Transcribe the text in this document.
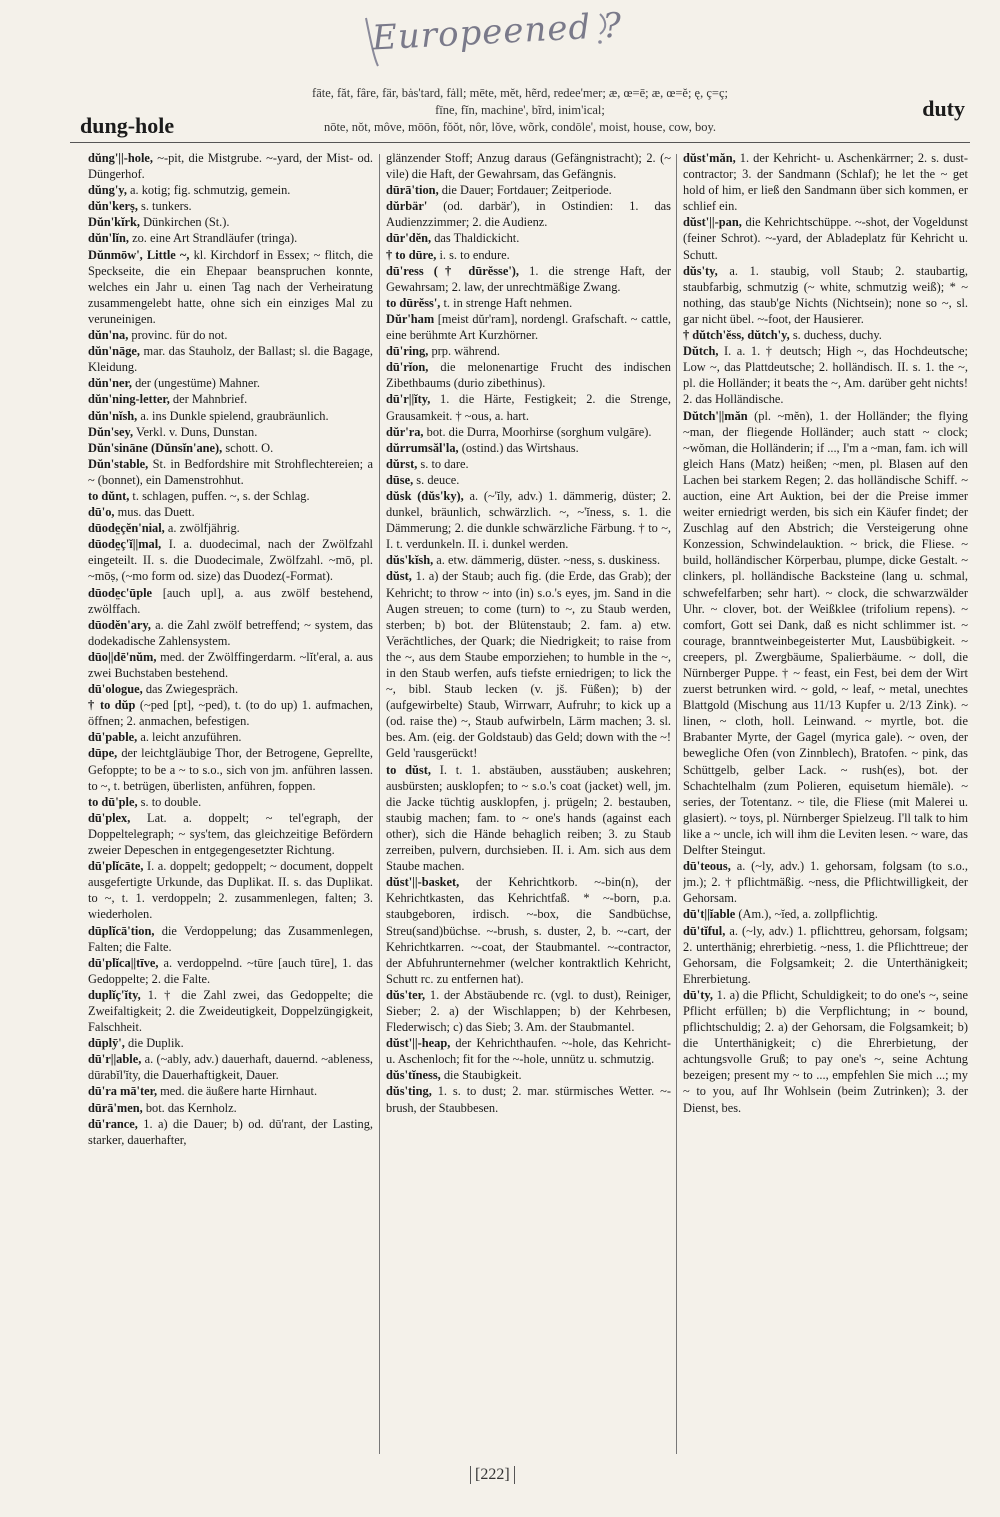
Europeened ?
dung-hole
fāte, făt, fâre, fär, bȧs'tard, fȧll; mēte, mĕt, hẽrd, redee'mer; æ, œ=ē; æ, œ=ĕ; ę, ç=ç;
fīne, fĭn, machine', bĩrd, inim'ical;
nōte, nŏt, môve, mōōn, fŏŏt, nôr, lŏve, wõrk, condōle', moist, house, cow, boy.
duty
dŭng'||-hole, ~-pit, die Mistgrube. ~-yard, der Mist- od. Düngerhof.
dŭng'y, a. kotig; fig. schmutzig, gemein.
dŭn'kerṣ, s. tunkers.
Dŭn'kĭrk, Dünkirchen (St.).
dŭn'lĭn, zo. eine Art Strandläufer (tringa).
Dŭnmōw', Little ~, kl. Kirchdorf in Essex; ~ flitch, die Speckseite, die ein Ehepaar beanspruchen konnte, welches ein Jahr u. einen Tag nach der Verheiratung zusammengelebt hatte, ohne sich ein einziges Mal zu veruneinigen.
dŭn'na, provinc. für do not.
dŭn'nāge, mar. das Stauholz, der Ballast; sl. die Bagage, Kleidung.
dŭn'ner, der (ungestüme) Mahner.
dŭn'ning-letter, der Mahnbrief.
dŭn'nĭsh, a. ins Dunkle spielend, graubräunlich.
Dŭn'sey, Verkl. v. Duns, Dunstan.
Dŭn'sināne (Dŭnsĭn'ane), schott. O.
Dŭn'stable, St. in Bedfordshire mit Strohflechtereien; a ~ (bonnet), ein Damenstrohhut.
to dŭnt, t. schlagen, puffen. ~, s. der Schlag.
dū'o, mus. das Duett.
dūode̤çĕn'nial, a. zwölfjährig.
dūode̤ç'ĭ||mal, I. a. duodecimal, nach der Zwölfzahl eingeteilt. II. s. die Duodecimale, Zwölfzahl. ~mō, pl. ~mōṣ, (~mo form od. size) das Duodez(-Format).
dūode̤c'ūple [auch upl], a. aus zwölf bestehend, zwölffach.
dūodĕn'ary, a. die Zahl zwölf betreffend; ~ system, das dodekadische Zahlensystem.
dūo||dē'nŭm, med. der Zwölffingerdarm. ~lĭt'eral, a. aus zwei Buchstaben bestehend.
dū'ologue, das Zwiegespräch.
† to dŭp (~ped [pt], ~ped), t. (to do up) 1. aufmachen, öffnen; 2. anmachen, befestigen.
dū'pable, a. leicht anzuführen.
dūpe, der leichtgläubige Thor, der Betrogene, Geprellte, Gefoppte; to be a ~ to s.o., sich von jm. anführen lassen. to ~, t. betrügen, überlisten, anführen, foppen.
to dū'ple, s. to double.
dū'plex, Lat. a. doppelt; ~ tel'egraph, der Doppeltelegraph; ~ sys'tem, das gleichzeitige Befördern zweier Depeschen in entgegengesetzter Richtung.
dū'plĭcāte, I. a. doppelt; gedoppelt; ~ document, doppelt ausgefertigte Urkunde, das Duplikat. II. s. das Duplikat. to ~, t. 1. verdoppeln; 2. zusammenlegen, falten; 3. wiederholen.
dūplĭcā'tion, die Verdoppelung; das Zusammenlegen, Falten; die Falte.
dū'plĭca||tīve, a. verdoppelnd. ~tūre [auch tūre], 1. das Gedoppelte; 2. die Falte.
duplĭç'ĭty, 1. † die Zahl zwei, das Gedoppelte; die Zweifaltigkeit; 2. die Zweideutigkeit, Doppelzüngigkeit, Falschheit.
dūplȳ', die Duplik.
dū'r||able, a. (~ably, adv.) dauerhaft, dauernd. ~ableness, dūrabĭl'ĭty, die Dauerhaftigkeit, Dauer.
dū'ra mā'ter, med. die äußere harte Hirnhaut.
dūrā'men, bot. das Kernholz.
dū'rance, 1. a) die Dauer; b) od. dū'rant, der Lasting, starker, dauerhafter,
glänzender Stoff; Anzug daraus (Gefängnistracht); 2. (~ vile) die Haft, der Gewahrsam, das Gefängnis.
dūrā'tion, die Dauer; Fortdauer; Zeitperiode.
dŭrbär' (od. darbär'), in Ostindien: 1. das Audienzzimmer; 2. die Audienz.
dūr'dĕn, das Thaldickicht.
† to dūre, i. s. to endure.
dū'ress († dūrĕsse'), 1. die strenge Haft, der Gewahrsam; 2. law, der unrechtmäßige Zwang.
to dūrĕss', t. in strenge Haft nehmen.
Dŭr'ham [meist dŭr'ram], nordengl. Grafschaft. ~ cattle, eine berühmte Art Kurzhörner.
dū'ring, prp. während.
dū'rĭon, die melonenartige Frucht des indischen Zibethbaums (durio zibethinus).
dū'r||ĭty, 1. die Härte, Festigkeit; 2. die Strenge, Grausamkeit. † ~ous, a. hart.
dŭr'ra, bot. die Durra, Moorhirse (sorghum vulgāre).
dŭrrumsăl'la, (ostind.) das Wirtshaus.
dŭrst, s. to dare.
dūse, s. deuce.
dŭsk (dŭs'ky), a. (~'ĭly, adv.) 1. dämmerig, düster; 2. dunkel, bräunlich, schwärzlich. ~, ~'ĭness, s. 1. die Dämmerung; 2. die dunkle schwärzliche Färbung. † to ~, I. t. verdunkeln. II. i. dunkel werden.
dŭs'kĭsh, a. etw. dämmerig, düster. ~ness, s. duskiness.
dŭst, 1. a) der Staub; auch fig. (die Erde, das Grab); der Kehricht; to throw ~ into (in) s.o.'s eyes, jm. Sand in die Augen streuen; to come (turn) to ~, zu Staub werden, sterben; b) bot. der Blütenstaub; 2. fam. a) etw. Verächtliches, der Quark; die Niedrigkeit; to raise from the ~, aus dem Staube emporziehen; to humble in the ~, in den Staub werfen, aufs tiefste erniedrigen; to lick the ~, bibl. Staub lecken (v. jš. Füßen); b) der (aufgewirbelte) Staub, Wirrwarr, Aufruhr; to kick up a (od. raise the) ~, Staub aufwirbeln, Lärm machen; 3. sl. bes. Am. (eig. der Goldstaub) das Geld; down with the ~! Geld 'rausgerückt!
to dŭst, I. t. 1. abstäuben, ausstäuben; auskehren; ausbürsten; ausklopfen; to ~ s.o.'s coat (jacket) well, jm. die Jacke tüchtig ausklopfen, j. prügeln; 2. bestauben, staubig machen; fam. to ~ one's hands (against each other), sich die Hände behaglich reiben; 3. zu Staub zerreiben, pulvern, durchsieben. II. i. Am. sich aus dem Staube machen.
dŭst'||-basket, der Kehrichtkorb. ~-bin(n), der Kehrichtkasten, das Kehrichtfaß. * ~-born, p.a. staubgeboren, irdisch. ~-box, die Sandbüchse, Streu(sand)büchse. ~-brush, s. duster, 2, b. ~-cart, der Kehrichtkarren. ~-coat, der Staubmantel. ~-contractor, der Abfuhrunternehmer (welcher kontraktlich Kehricht, Schutt rc. zu entfernen hat).
dŭs'ter, 1. der Abstäubende rc. (vgl. to dust), Reiniger, Sieber; 2. a) der Wischlappen; b) der Kehrbesen, Flederwisch; c) das Sieb; 3. Am. der Staubmantel.
dŭst'||-heap, der Kehrichthaufen. ~-hole, das Kehricht- u. Aschenloch; fit for the ~-hole, unnütz u. schmutzig.
dŭs'tĭness, die Staubigkeit.
dŭs'ting, 1. s. to dust; 2. mar. stürmisches Wetter. ~-brush, der Staubbesen.
dŭst'măn, 1. der Kehricht- u. Aschenkärrner; 2. s. dust-contractor; 3. der Sandmann (Schlaf); he let the ~ get hold of him, er ließ den Sandmann über sich kommen, er schlief ein.
dŭst'||-pan, die Kehrichtschüppe. ~-shot, der Vogeldunst (feiner Schrot). ~-yard, der Abladeplatz für Kehricht u. Schutt.
dŭs'ty, a. 1. staubig, voll Staub; 2. staubartig, staubfarbig, schmutzig (~ white, schmutzig weiß); * ~ nothing, das staub'ge Nichts (Nichtsein); none so ~, sl. gar nicht übel. ~-foot, der Hausierer.
† dŭtch'ĕss, dŭtch'y, s. duchess, duchy.
Dŭtch, I. a. 1. † deutsch; High ~, das Hochdeutsche; Low ~, das Plattdeutsche; 2. holländisch. II. s. 1. the ~, pl. die Holländer; it beats the ~, Am. darüber geht nichts! 2. das Holländische.
Dŭtch'||măn (pl. ~mĕn), 1. der Holländer; the flying ~man, der fliegende Holländer; auch statt ~ clock; ~wŏman, die Holländerin; if ..., I'm a ~man, fam. ich will gleich Hans (Matz) heißen; ~men, pl. Blasen auf den Lachen bei starkem Regen; 2. das holländische Schiff. ~ auction, eine Art Auktion, bei der die Preise immer weiter erniedrigt werden, bis sich ein Käufer findet; der Zuschlag auf den Abstrich; die Versteigerung ohne Konzession, Schwindelauktion. ~ brick, die Fliese. ~ build, holländischer Körperbau, plumpe, dicke Gestalt. ~ clinkers, pl. holländische Backsteine (lang u. schmal, schwefelfarben; sehr hart). ~ clock, die schwarzwälder Uhr. ~ clover, bot. der Weißklee (trifolium repens). ~ comfort, Gott sei Dank, daß es nicht schlimmer ist. ~ courage, branntweinbegeisterter Mut, Lausbübigkeit. ~ creepers, pl. Zwergbäume, Spalierbäume. ~ doll, die Nürnberger Puppe. † ~ feast, ein Fest, bei dem der Wirt zuerst betrunken wird. ~ gold, ~ leaf, ~ metal, unechtes Blattgold (Mischung aus 11/13 Kupfer u. 2/13 Zink). ~ linen, ~ cloth, holl. Leinwand. ~ myrtle, bot. die Brabanter Myrte, der Gagel (myrica gale). ~ oven, der bewegliche Ofen (von Zinnblech), Bratofen. ~ pink, das Schüttgelb, gelber Lack. ~ rush(es), bot. der Schachtelhalm (zum Polieren, equisetum hiemāle). ~ series, der Totentanz. ~ tile, die Fliese (mit Malerei u. glasiert). ~ toys, pl. Nürnberger Spielzeug. I'll talk to him like a ~ uncle, ich will ihm die Leviten lesen. ~ ware, das Delfter Steingut.
dū'teous, a. (~ly, adv.) 1. gehorsam, folgsam (to s.o., jm.); 2. † pflichtmäßig. ~ness, die Pflichtwilligkeit, der Gehorsam.
dū't||ĭable (Am.), ~ĭed, a. zollpflichtig.
dū'tĭful, a. (~ly, adv.) 1. pflichttreu, gehorsam, folgsam; 2. unterthänig; ehrerbietig. ~ness, 1. die Pflichttreue; der Gehorsam, die Folgsamkeit; 2. die Unterthänigkeit; Ehrerbietung.
dū'ty, 1. a) die Pflicht, Schuldigkeit; to do one's ~, seine Pflicht erfüllen; b) die Verpflichtung; in ~ bound, pflichtschuldig; 2. a) der Gehorsam, die Folgsamkeit; b) die Unterthänigkeit; c) die Ehrerbietung, der achtungsvolle Gruß; to pay one's ~, seine Achtung bezeigen; present my ~ to ..., empfehlen Sie mich ...; my ~ to you, auf Ihr Wohlsein (beim Zutrinken); 3. der Dienst, bes.
[222]
